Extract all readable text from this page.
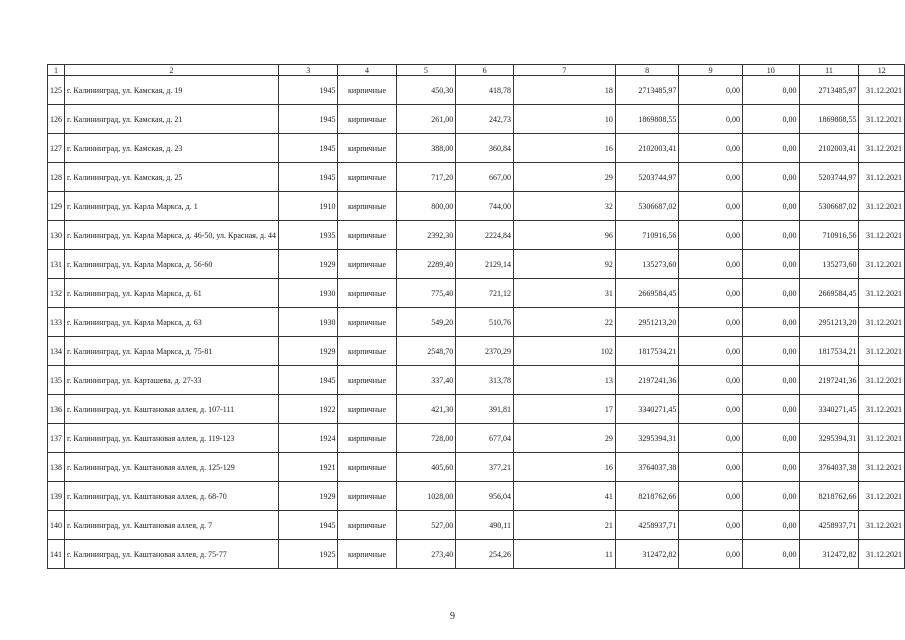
1	2	3	4	5	6	7	8	9	10	11	12
125	г. Калининград, ул. Камская, д. 19	1945	кирпичные	450,30	418,78	18	2713485,97	0,00	0,00	2713485,97	31.12.2021
126	г. Калининград, ул. Камская, д. 21	1945	кирпичные	261,00	242,73	10	1869808,55	0,00	0,00	1869808,55	31.12.2021
127	г. Калининград, ул. Камская, д. 23	1945	кирпичные	388,00	360,84	16	2102003,41	0,00	0,00	2102003,41	31.12.2021
128	г. Калининград, ул. Камская, д. 25	1945	кирпичные	717,20	667,00	29	5203744,97	0,00	0,00	5203744,97	31.12.2021
129	г. Калининград, ул. Карла Маркса, д. 1	1910	кирпичные	800,00	744,00	32	5306687,02	0,00	0,00	5306687,02	31.12.2021
130	г. Калининград, ул. Карла Маркса, д. 46-50, ул. Красная, д. 44	1935	кирпичные	2392,30	2224,84	96	710916,56	0,00	0,00	710916,56	31.12.2021
131	г. Калининград, ул. Карла Маркса, д. 56-60	1929	кирпичные	2289,40	2129,14	92	135273,60	0,00	0,00	135273,60	31.12.2021
132	г. Калининград, ул. Карла Маркса, д. 61	1930	кирпичные	775,40	721,12	31	2669584,45	0,00	0,00	2669584,45	31.12.2021
133	г. Калининград, ул. Карла Маркса, д. 63	1930	кирпичные	549,20	510,76	22	2951213,20	0,00	0,00	2951213,20	31.12.2021
134	г. Калининград, ул. Карла Маркса, д. 75-81	1929	кирпичные	2548,70	2370,29	102	1817534,21	0,00	0,00	1817534,21	31.12.2021
135	г. Калининград, ул. Карташева, д. 27-33	1945	кирпичные	337,40	313,78	13	2197241,36	0,00	0,00	2197241,36	31.12.2021
136	г. Калининград, ул. Каштановая аллея, д. 107-111	1922	кирпичные	421,30	391,81	17	3340271,45	0,00	0,00	3340271,45	31.12.2021
137	г. Калининград, ул. Каштановая аллея, д. 119-123	1924	кирпичные	728,00	677,04	29	3295394,31	0,00	0,00	3295394,31	31.12.2021
138	г. Калининград, ул. Каштановая аллея, д. 125-129	1921	кирпичные	405,60	377,21	16	3764037,38	0,00	0,00	3764037,38	31.12.2021
139	г. Калининград, ул. Каштановая аллея, д. 68-70	1929	кирпичные	1028,00	956,04	41	8218762,66	0,00	0,00	8218762,66	31.12.2021
140	г. Калининград, ул. Каштановая аллея, д. 7	1945	кирпичные	527,00	490,11	21	4258937,71	0,00	0,00	4258937,71	31.12.2021
141	г. Калининград, ул. Каштановая аллея, д. 75-77	1925	кирпичные	273,40	254,26	11	312472,82	0,00	0,00	312472,82	31.12.2021
9
